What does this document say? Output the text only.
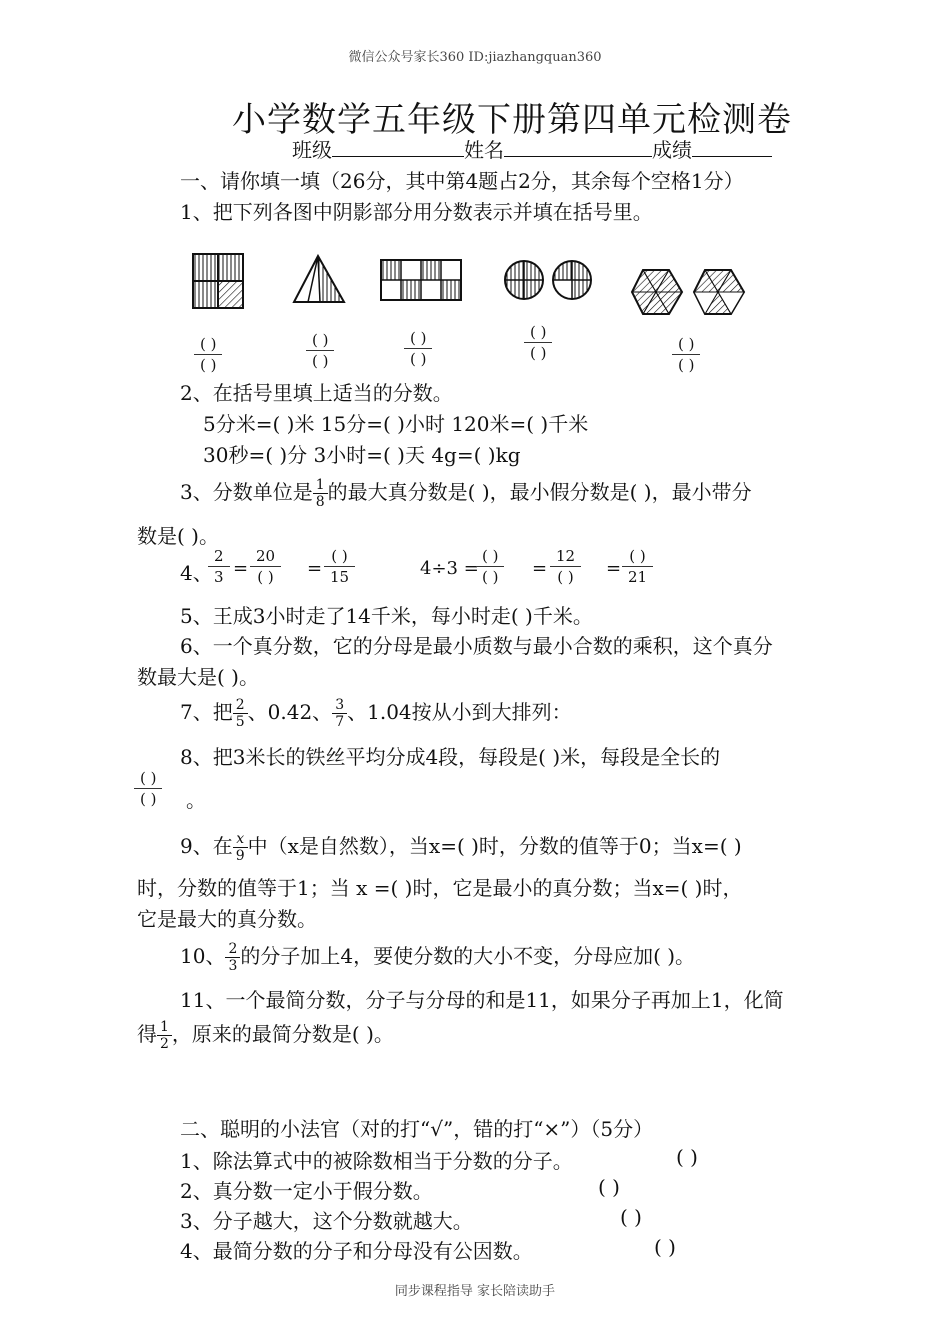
微信公众号家长360 ID:jiazhangquan360
同步课程指导 家长陪读助手
小学数学五年级下册第四单元检测卷
班级	姓名	成绩
一、请你填一填（26分，其中第4题占2分，其余每个空格1分）
1、把下列各图中阴影部分用分数表示并填在括号里。
( )
( )
( )
( )
( )
( )
( )
( )	( )
( )
2、在括号里填上适当的分数。
5分米=( )米 15分=( )小时 120米=( )千米
30秒=( )分 3小时=( )天 4g=( )kg
3、分数单位是 $\frac{1}{8}$ 的最大真分数是( )，最小假分数是( )，最小带分
数是( )。
4、
$\frac{2}{3}$ =
20
( )	=
( )
15	4÷3 =
( )
( )	=
12
( )	=
( )
21
5、王成3小时走了14千米，每小时走( )千米。
6、一个真分数，它的分母是最小质数与最小合数的乘积，这个真分
数最大是( )。
7、把 $\frac{2}{5}$ 、0.42、 $\frac{3}{7}$ 、1.04按从小到大排列：
8、把3米长的铁丝平均分成4段，每段是( )米，每段是全长的
( )
( )	。
9、在 $\frac{x}{9}$ 中（x是自然数），当x=( )时，分数的值等于0；当x=( )
时，分数的值等于1；当 x =( )时，它是最小的真分数；当x=( )时，
它是最大的真分数。
10、 $\frac{2}{3}$ 的分子加上4，要使分数的大小不变，分母应加( )。
11、一个最简分数，分子与分母的和是11，如果分子再加上1，化简
得 $\frac{1}{2}$ ，原来的最简分数是( )。
二、聪明的小法官（对的打“√”，错的打“×”）（5分）
1、除法算式中的被除数相当于分数的分子。	( )
2、真分数一定小于假分数。	( )
3、分子越大，这个分数就越大。	( )
4、最简分数的分子和分母没有公因数。	( )
